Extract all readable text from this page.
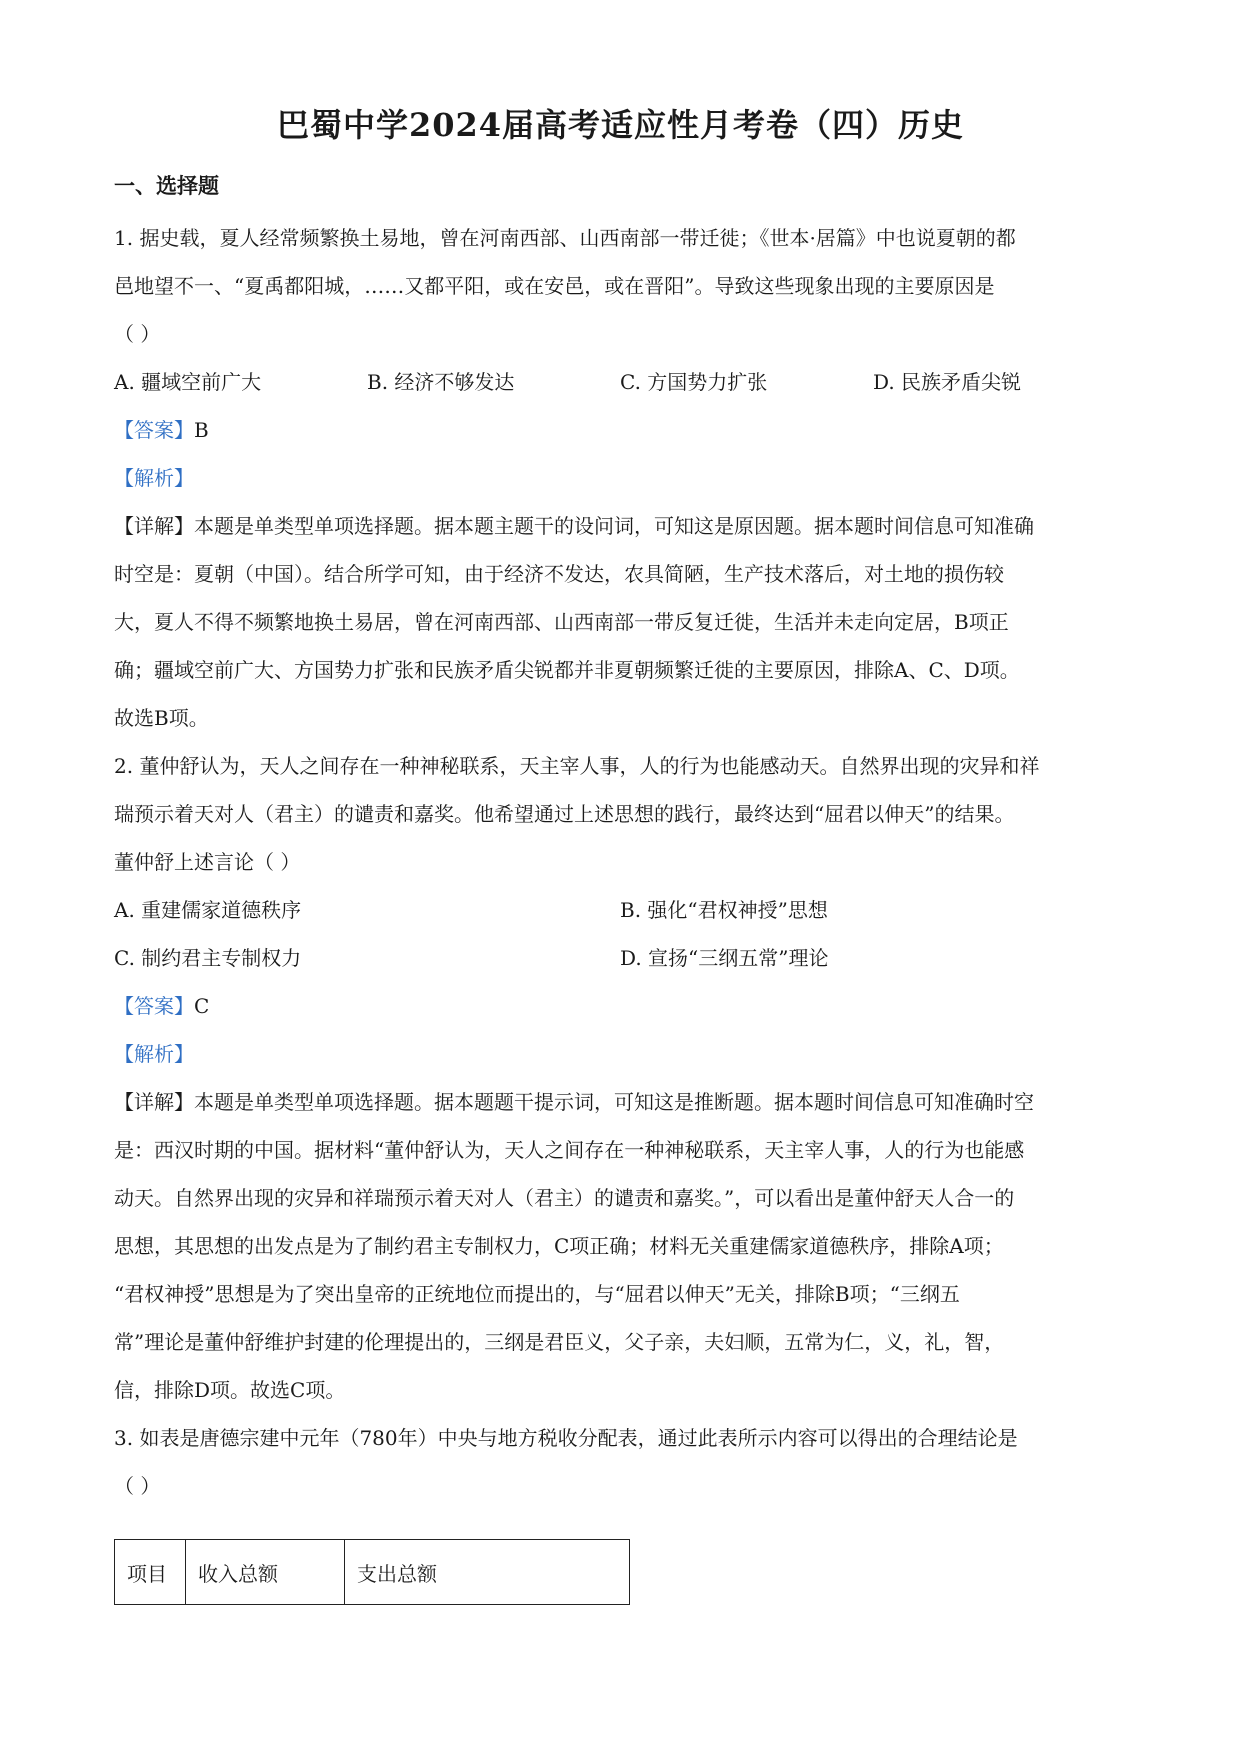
巴蜀中学2024届高考适应性月考卷（四）历史
一、选择题
1. 据史载，夏人经常频繁换土易地，曾在河南西部、山西南部一带迁徙；《世本·居篇》中也说夏朝的都
邑地望不一、“夏禹都阳城，……又都平阳，或在安邑，或在晋阳”。导致这些现象出现的主要原因是
（ ）
A. 疆域空前广大	B. 经济不够发达	C. 方国势力扩张	D. 民族矛盾尖锐
【答案】B
【解析】
【详解】本题是单类型单项选择题。据本题主题干的设问词，可知这是原因题。据本题时间信息可知准确
时空是：夏朝（中国）。结合所学可知，由于经济不发达，农具简陋，生产技术落后，对土地的损伤较
大，夏人不得不频繁地换土易居，曾在河南西部、山西南部一带反复迁徙，生活并未走向定居，B项正
确；疆域空前广大、方国势力扩张和民族矛盾尖锐都并非夏朝频繁迁徙的主要原因，排除A、C、D项。
故选B项。
2. 董仲舒认为，天人之间存在一种神秘联系，天主宰人事，人的行为也能感动天。自然界出现的灾异和祥
瑞预示着天对人（君主）的谴责和嘉奖。他希望通过上述思想的践行，最终达到“屈君以伸天”的结果。
董仲舒上述言论（ ）
A. 重建儒家道德秩序	B. 强化“君权神授”思想
C. 制约君主专制权力	D. 宣扬“三纲五常”理论
【答案】C
【解析】
【详解】本题是单类型单项选择题。据本题题干提示词，可知这是推断题。据本题时间信息可知准确时空
是：西汉时期的中国。据材料“董仲舒认为，天人之间存在一种神秘联系，天主宰人事，人的行为也能感
动天。自然界出现的灾异和祥瑞预示着天对人（君主）的谴责和嘉奖。”，可以看出是董仲舒天人合一的
思想，其思想的出发点是为了制约君主专制权力，C项正确；材料无关重建儒家道德秩序，排除A项；
“君权神授”思想是为了突出皇帝的正统地位而提出的，与“屈君以伸天”无关，排除B项；“三纲五
常”理论是董仲舒维护封建的伦理提出的，三纲是君臣义，父子亲，夫妇顺，五常为仁，义，礼，智，
信，排除D项。故选C项。
3. 如表是唐德宗建中元年（780年）中央与地方税收分配表，通过此表所示内容可以得出的合理结论是
（ ）
项目	收入总额	支出总额
